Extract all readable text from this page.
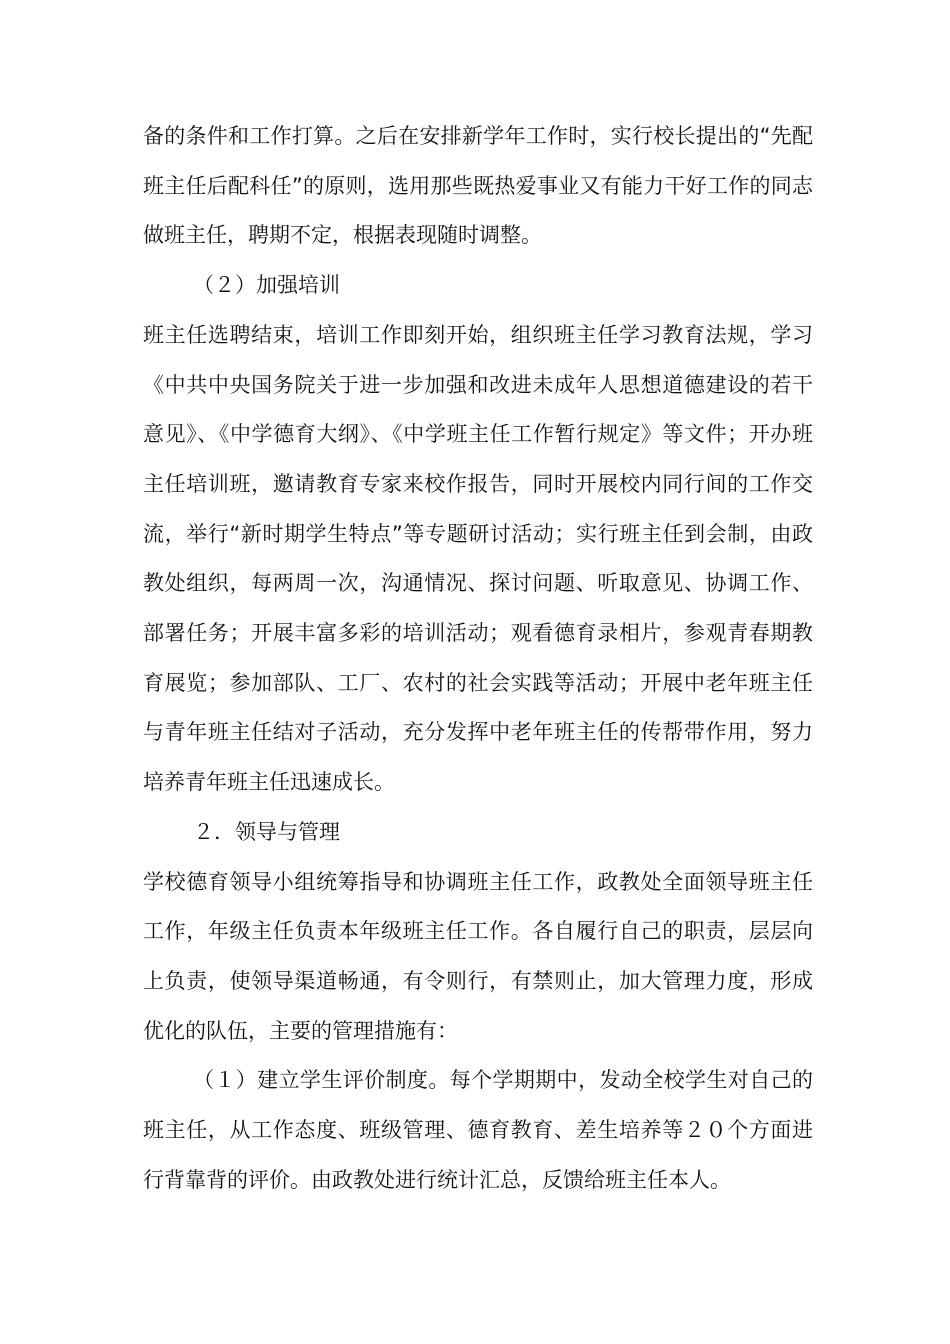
备的条件和工作打算。之后在安排新学年工作时，实行校长提出的“先配班主任后配科任”的原则，选用那些既热爱事业又有能力干好工作的同志做班主任，聘期不定，根据表现随时调整。

（２）加强培训

班主任选聘结束，培训工作即刻开始，组织班主任学习教育法规，学习《中共中央国务院关于进一步加强和改进未成年人思想道德建设的若干意见》、《中学德育大纲》、《中学班主任工作暂行规定》等文件；开办班主任培训班，邀请教育专家来校作报告，同时开展校内同行间的工作交流，举行“新时期学生特点”等专题研讨活动；实行班主任到会制，由政教处组织，每两周一次，沟通情况、探讨问题、听取意见、协调工作、部署任务；开展丰富多彩的培训活动；观看德育录相片，参观青春期教育展览；参加部队、工厂、农村的社会实践等活动；开展中老年班主任与青年班主任结对子活动，充分发挥中老年班主任的传帮带作用，努力培养青年班主任迅速成长。

２．领导与管理

学校德育领导小组统筹指导和协调班主任工作，政教处全面领导班主任工作，年级主任负责本年级班主任工作。各自履行自己的职责，层层向上负责，使领导渠道畅通，有令则行，有禁则止，加大管理力度，形成优化的队伍，主要的管理措施有：

（１）建立学生评价制度。每个学期期中，发动全校学生对自己的班主任，从工作态度、班级管理、德育教育、差生培养等２０个方面进行背靠背的评价。由政教处进行统计汇总，反馈给班主任本人。
